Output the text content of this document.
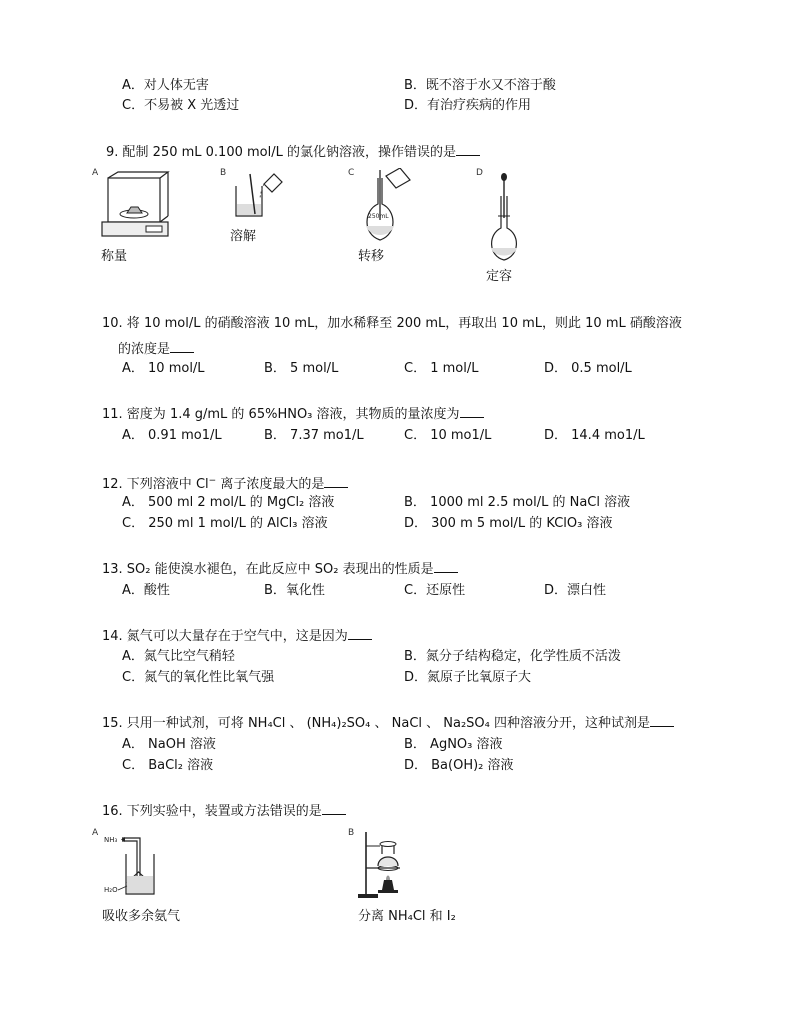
A．对人体无害	B．既不溶于水又不溶于酸
C．不易被 X 光透过	D．有治疗疾病的作用
9. 配制 250 mL 0.100 mol/L 的氯化钠溶液，操作错误的是
A
称量
B
溶解
C
250mL
转移
D
定容
10. 将 10 mol/L 的硝酸溶液 10 mL，加水稀释至 200 mL，再取出 10 mL，则此 10 mL 硝酸溶液
的浓度是
A． 10 mol/L	B． 5 mol/L	C． 1 mol/L	D． 0.5 mol/L
11. 密度为 1.4 g/mL 的 65%HNO₃ 溶液，其物质的量浓度为
A． 0.91 mo1/L	B． 7.37 mo1/L	C． 10 mo1/L	D． 14.4 mo1/L
12. 下列溶液中 Cl− 离子浓度最大的是
A． 500 ml 2 mol/L 的 MgCl₂ 溶液	B． 1000 ml 2.5 mol/L 的 NaCl 溶液
C． 250 ml 1 mol/L 的 AlCl₃ 溶液	D． 300 m 5 mol/L 的 KClO₃ 溶液
13. SO₂ 能使溴水褪色，在此反应中 SO₂ 表现出的性质是
A．酸性	B．氧化性	C．还原性	D．漂白性
14. 氮气可以大量存在于空气中，这是因为
A．氮气比空气稍轻	B．氮分子结构稳定，化学性质不活泼
C．氮气的氧化性比氧气强	D．氮原子比氧原子大
15. 只用一种试剂，可将 NH₄Cl 、 (NH₄)₂SO₄ 、 NaCl 、 Na₂SO₄ 四种溶液分开，这种试剂是
A． NaOH 溶液	B． AgNO₃ 溶液
C． BaCl₂ 溶液	D． Ba(OH)₂ 溶液
16. 下列实验中，装置或方法错误的是
A
NH₃
H₂O
吸收多余氨气
B
分离 NH₄Cl 和 I₂
